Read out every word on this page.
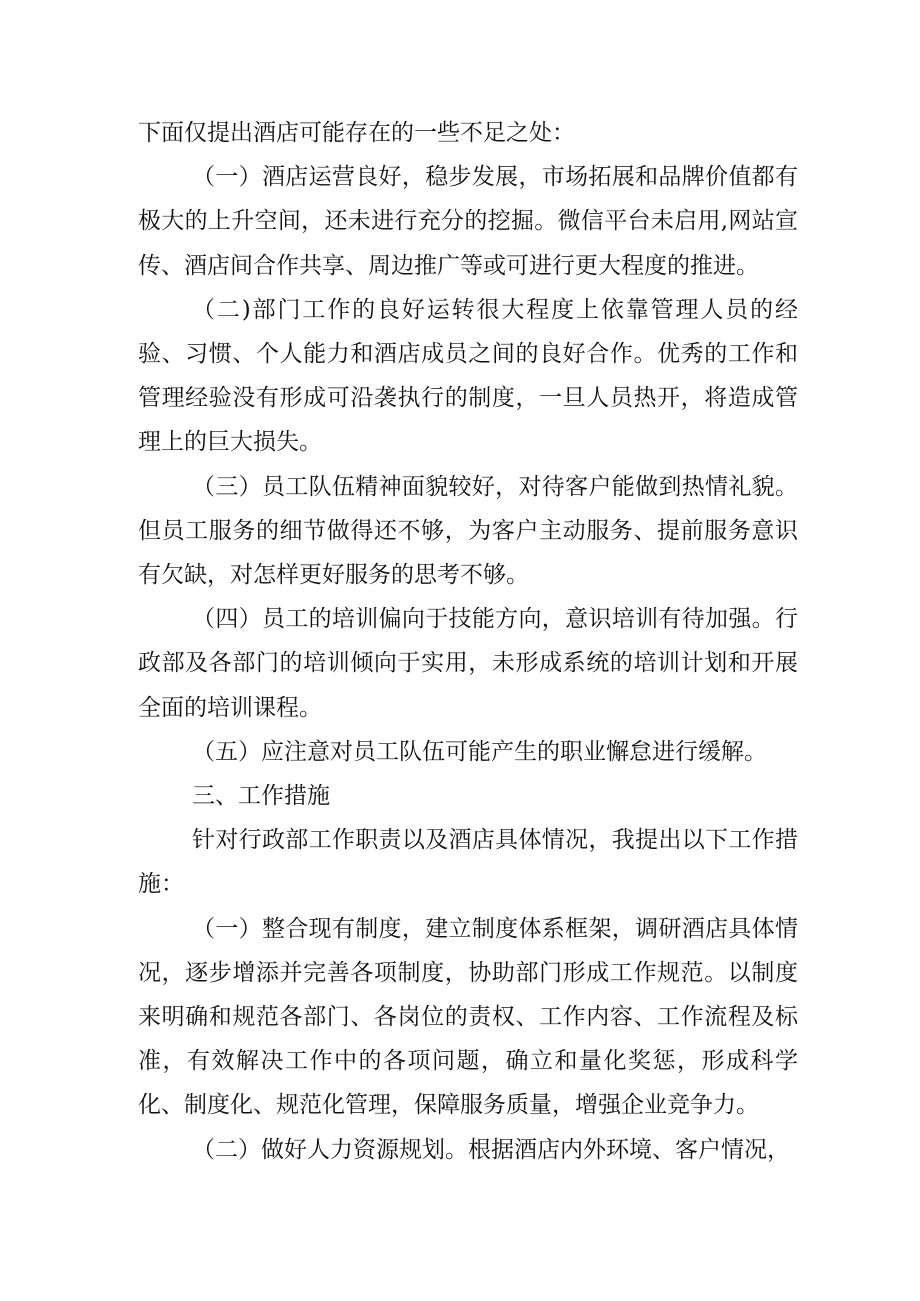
下面仅提出酒店可能存在的一些不足之处：

（一）酒店运营良好，稳步发展，市场拓展和品牌价值都有极大的上升空间，还未进行充分的挖掘。微信平台未启用,网站宣传、酒店间合作共享、周边推广等或可进行更大程度的推进。

（二)部门工作的良好运转很大程度上依靠管理人员的经验、习惯、个人能力和酒店成员之间的良好合作。优秀的工作和管理经验没有形成可沿袭执行的制度，一旦人员热开，将造成管理上的巨大损失。

（三）员工队伍精神面貌较好，对待客户能做到热情礼貌。但员工服务的细节做得还不够，为客户主动服务、提前服务意识有欠缺，对怎样更好服务的思考不够。

（四）员工的培训偏向于技能方向，意识培训有待加强。行政部及各部门的培训倾向于实用，未形成系统的培训计划和开展全面的培训课程。

（五）应注意对员工队伍可能产生的职业懈怠进行缓解。

三、工作措施

针对行政部工作职责以及酒店具体情况，我提出以下工作措施：

（一）整合现有制度，建立制度体系框架，调研酒店具体情况，逐步增添并完善各项制度，协助部门形成工作规范。以制度来明确和规范各部门、各岗位的责权、工作内容、工作流程及标准，有效解决工作中的各项问题，确立和量化奖惩，形成科学化、制度化、规范化管理，保障服务质量，增强企业竞争力。

（二）做好人力资源规划。根据酒店内外环境、客户情况，
